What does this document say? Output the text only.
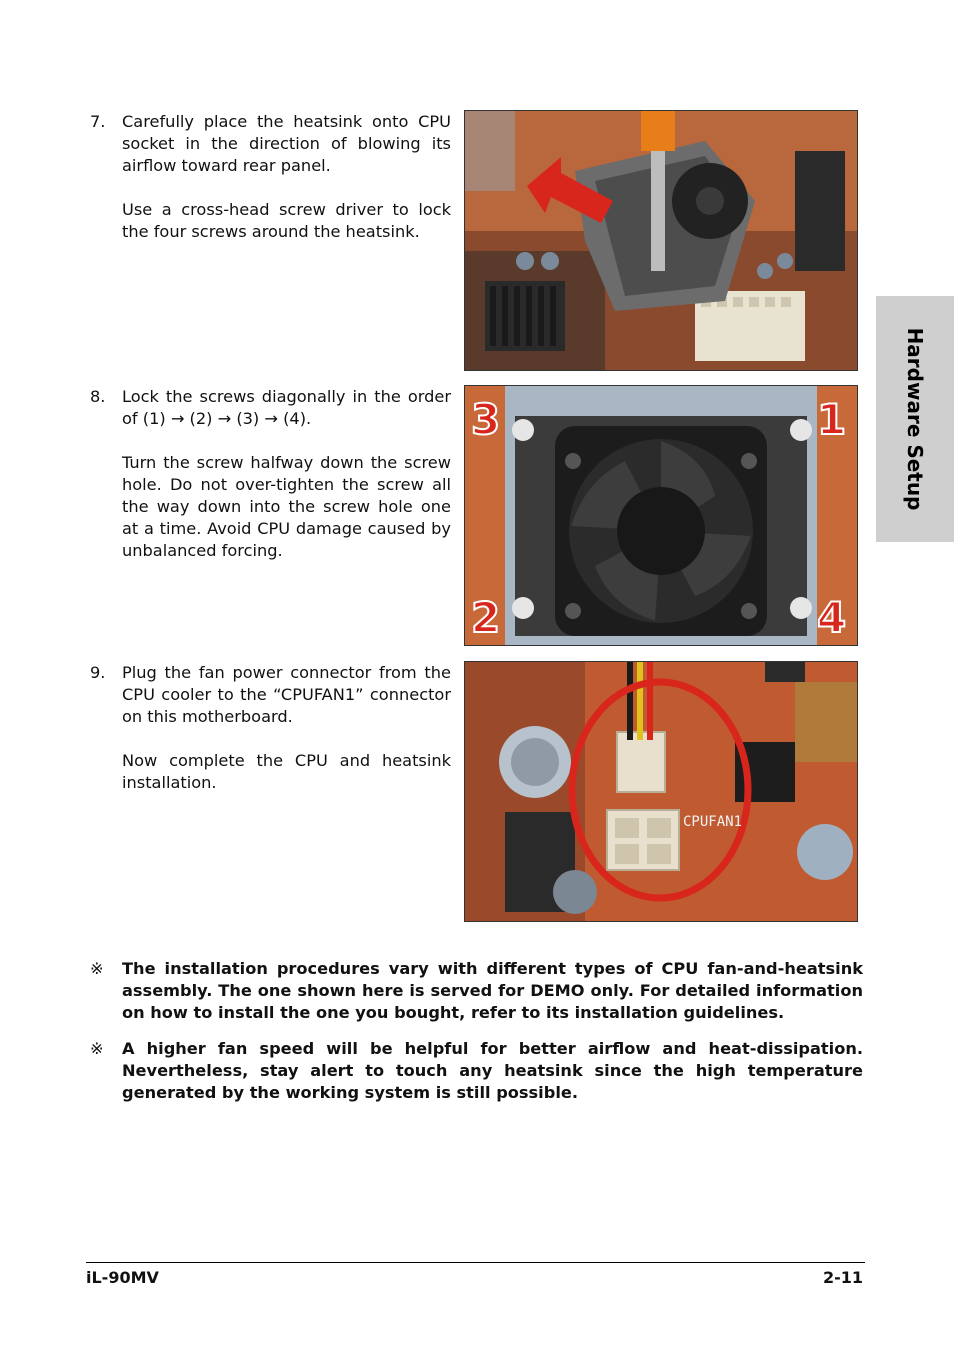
Hardware Setup
7. Carefully place the heatsink onto CPU socket in the direction of blowing its airflow toward rear panel.

Use a cross-head screw driver to lock the four screws around the heatsink.

8. Lock the screws diagonally in the order of (1) → (2) → (3) → (4).

Turn the screw halfway down the screw hole. Do not over-tighten the screw all the way down into the screw hole one at a time. Avoid CPU damage caused by unbalanced forcing.

3	1
2	4
9. Plug the fan power connector from the CPU cooler to the “CPUFAN1” connector on this motherboard.

Now complete the CPU and heatsink installation.

CPUFAN1
※ The installation procedures vary with different types of CPU fan-and-heatsink assembly. The one shown here is served for DEMO only. For detailed information on how to install the one you bought, refer to its installation guidelines.
※ A higher fan speed will be helpful for better airflow and heat-dissipation. Nevertheless, stay alert to touch any heatsink since the high temperature generated by the working system is still possible.
iL-90MV	2-11
